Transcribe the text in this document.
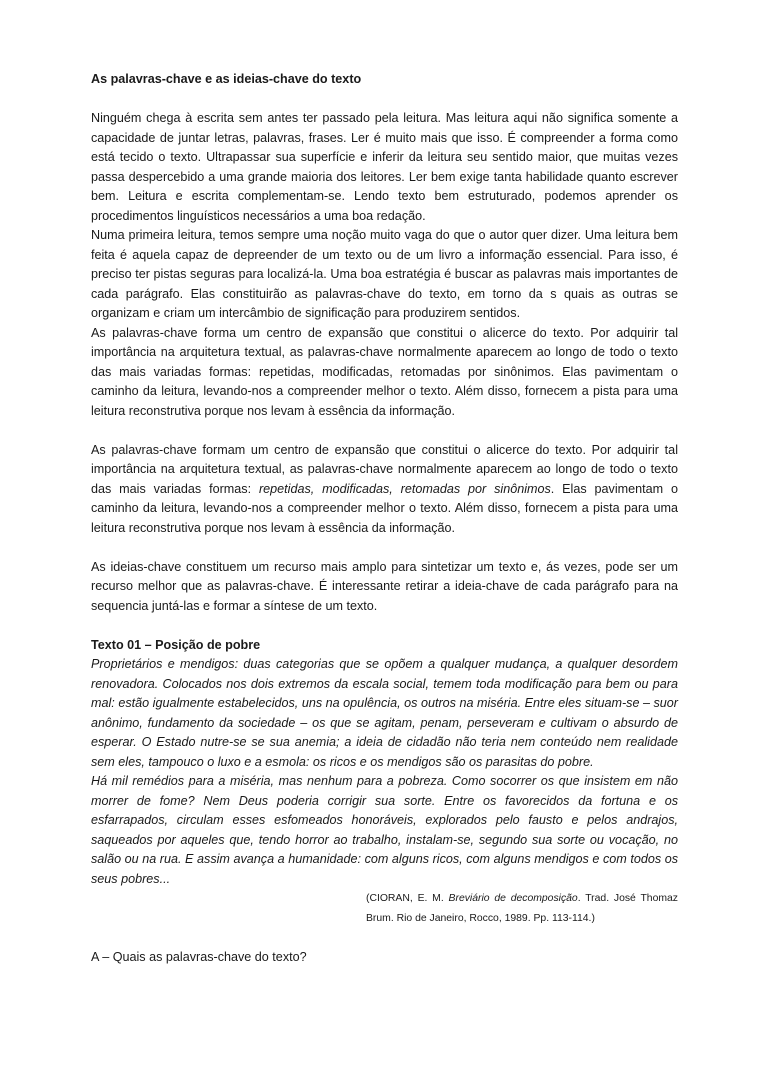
As palavras-chave e as ideias-chave do texto

Ninguém chega à escrita sem antes ter passado pela leitura. Mas leitura aqui não significa somente a capacidade de juntar letras, palavras, frases. Ler é muito mais que isso. É compreender a forma como está tecido o texto. Ultrapassar sua superfície e inferir da leitura seu sentido maior, que muitas vezes passa despercebido a uma grande maioria dos leitores. Ler bem exige tanta habilidade quanto escrever bem. Leitura e escrita complementam-se. Lendo texto bem estruturado, podemos aprender os procedimentos linguísticos necessários a uma boa redação.

Numa primeira leitura, temos sempre uma noção muito vaga do que o autor quer dizer. Uma leitura bem feita é aquela capaz de depreender de um texto ou de um livro a informação essencial. Para isso, é preciso ter pistas seguras para localizá-la. Uma boa estratégia é buscar as palavras mais importantes de cada parágrafo. Elas constituirão as palavras-chave do texto, em torno da s quais as outras se organizam e criam um intercâmbio de significação para produzirem sentidos.

As palavras-chave forma um centro de expansão que constitui o alicerce do texto. Por adquirir tal importância na arquitetura textual, as palavras-chave normalmente aparecem ao longo de todo o texto das mais variadas formas: repetidas, modificadas, retomadas por sinônimos. Elas pavimentam o caminho da leitura, levando-nos a compreender melhor o texto. Além disso, fornecem a pista para uma leitura reconstrutiva porque nos levam à essência da informação.

As palavras-chave formam um centro de expansão que constitui o alicerce do texto. Por adquirir tal importância na arquitetura textual, as palavras-chave normalmente aparecem ao longo de todo o texto das mais variadas formas: repetidas, modificadas, retomadas por sinônimos. Elas pavimentam o caminho da leitura, levando-nos a compreender melhor o texto. Além disso, fornecem a pista para uma leitura reconstrutiva porque nos levam à essência da informação.

As ideias-chave constituem um recurso mais amplo para sintetizar um texto e, ás vezes, pode ser um recurso melhor que as palavras-chave. É interessante retirar a ideia-chave de cada parágrafo para na sequencia juntá-las e formar a síntese de um texto.

Texto 01 – Posição de pobre

Proprietários e mendigos: duas categorias que se opõem a qualquer mudança, a qualquer desordem renovadora. Colocados nos dois extremos da escala social, temem toda modificação para bem ou para mal: estão igualmente estabelecidos, uns na opulência, os outros na miséria. Entre eles situam-se – suor anônimo, fundamento da sociedade – os que se agitam, penam, perseveram e cultivam o absurdo de esperar. O Estado nutre-se se sua anemia; a ideia de cidadão não teria nem conteúdo nem realidade sem eles, tampouco o luxo e a esmola: os ricos e os mendigos são os parasitas do pobre.

Há mil remédios para a miséria, mas nenhum para a pobreza. Como socorrer os que insistem em não morrer de fome? Nem Deus poderia corrigir sua sorte. Entre os favorecidos da fortuna e os esfarrapados, circulam esses esfomeados honoráveis, explorados pelo fausto e pelos andrajos, saqueados por aqueles que, tendo horror ao trabalho, instalam-se, segundo sua sorte ou vocação, no salão ou na rua. E assim avança a humanidade: com alguns ricos, com alguns mendigos e com todos os seus pobres...

(CIORAN, E. M. Breviário de decomposição. Trad. José Thomaz Brum. Rio de Janeiro, Rocco, 1989. Pp. 113-114.)

A – Quais as palavras-chave do texto?
